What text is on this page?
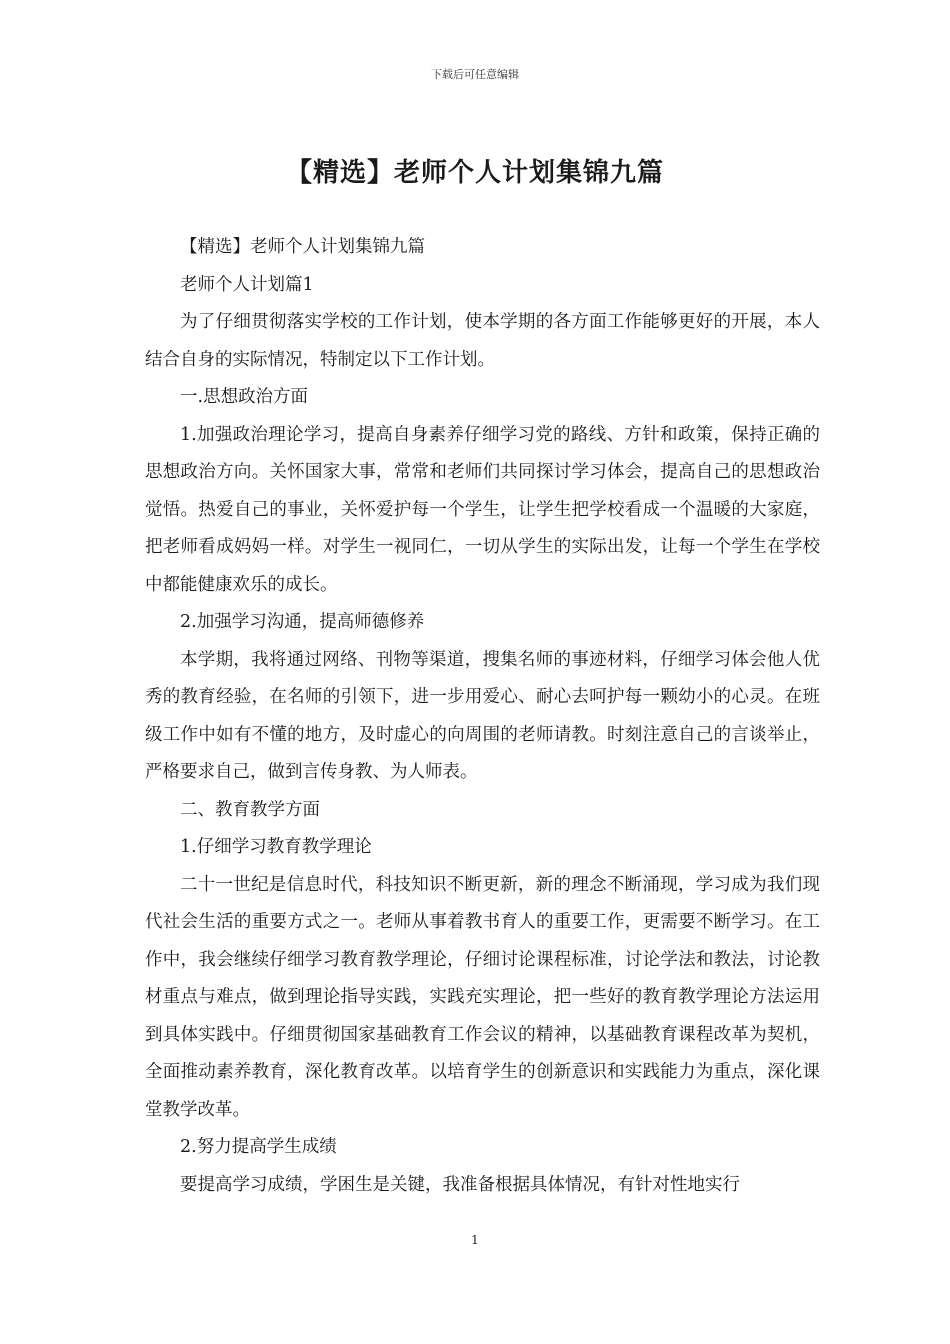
下载后可任意编辑
【精选】老师个人计划集锦九篇

【精选】老师个人计划集锦九篇

老师个人计划篇1

为了仔细贯彻落实学校的工作计划，使本学期的各方面工作能够更好的开展，本人结合自身的实际情况，特制定以下工作计划。

一.思想政治方面

1.加强政治理论学习，提高自身素养仔细学习党的路线、方针和政策，保持正确的思想政治方向。关怀国家大事，常常和老师们共同探讨学习体会，提高自己的思想政治觉悟。热爱自己的事业，关怀爱护每一个学生，让学生把学校看成一个温暖的大家庭，把老师看成妈妈一样。对学生一视同仁，一切从学生的实际出发，让每一个学生在学校中都能健康欢乐的成长。

2.加强学习沟通，提高师德修养

本学期，我将通过网络、刊物等渠道，搜集名师的事迹材料，仔细学习体会他人优秀的教育经验，在名师的引领下，进一步用爱心、耐心去呵护每一颗幼小的心灵。在班级工作中如有不懂的地方，及时虚心的向周围的老师请教。时刻注意自己的言谈举止，严格要求自己，做到言传身教、为人师表。

二、教育教学方面

1.仔细学习教育教学理论

二十一世纪是信息时代，科技知识不断更新，新的理念不断涌现，学习成为我们现代社会生活的重要方式之一。老师从事着教书育人的重要工作，更需要不断学习。在工作中，我会继续仔细学习教育教学理论，仔细讨论课程标准，讨论学法和教法，讨论教材重点与难点，做到理论指导实践，实践充实理论，把一些好的教育教学理论方法运用到具体实践中。仔细贯彻国家基础教育工作会议的精神，以基础教育课程改革为契机，全面推动素养教育，深化教育改革。以培育学生的创新意识和实践能力为重点，深化课堂教学改革。

2.努力提高学生成绩

要提高学习成绩，学困生是关键，我准备根据具体情况，有针对性地实行

1
